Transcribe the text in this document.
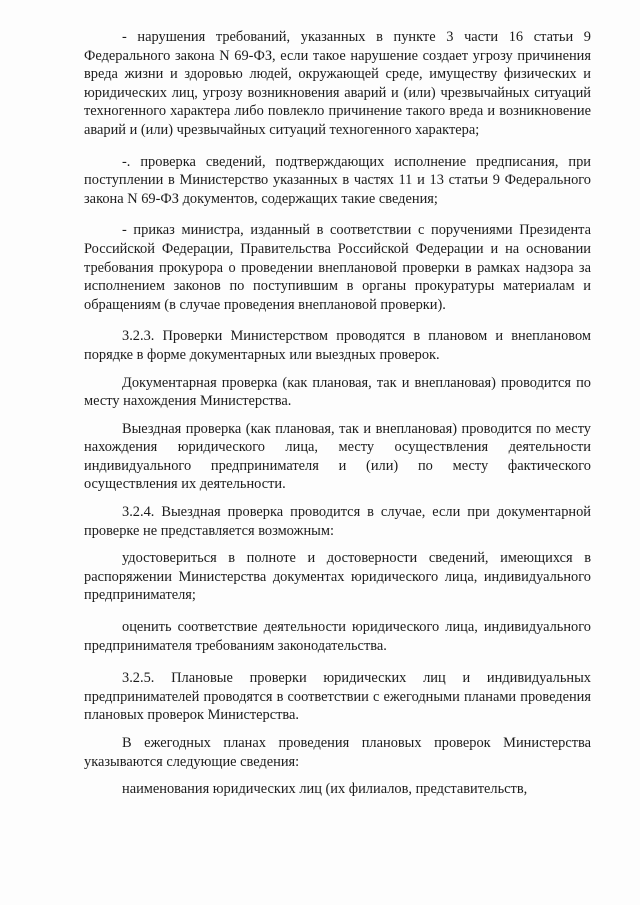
- нарушения требований, указанных в пункте 3 части 16 статьи 9 Федерального закона N 69-ФЗ, если такое нарушение создает угрозу причинения вреда жизни и здоровью людей, окружающей среде, имуществу физических и юридических лиц, угрозу возникновения аварий и (или) чрезвычайных ситуаций техногенного характера либо повлекло причинение такого вреда и возникновение аварий и (или) чрезвычайных ситуаций техногенного характера;

-. проверка сведений, подтверждающих исполнение предписания, при поступлении в Министерство указанных в частях 11 и 13 статьи 9 Федерального закона N 69-ФЗ документов, содержащих такие сведения;

- приказ министра, изданный в соответствии с поручениями Президента Российской Федерации, Правительства Российской Федерации и на основании требования прокурора о проведении внеплановой проверки в рамках надзора за исполнением законов по поступившим в органы прокуратуры материалам и обращениям (в случае проведения внеплановой проверки).

3.2.3. Проверки Министерством проводятся в плановом и внеплановом порядке в форме документарных или выездных проверок.

Документарная проверка (как плановая, так и внеплановая) проводится по месту нахождения Министерства.

Выездная проверка (как плановая, так и внеплановая) проводится по месту нахождения юридического лица, месту осуществления деятельности индивидуального предпринимателя и (или) по месту фактического осуществления их деятельности.

3.2.4. Выездная проверка проводится в случае, если при документарной проверке не представляется возможным:

удостовериться в полноте и достоверности сведений, имеющихся в распоряжении Министерства документах юридического лица, индивидуального предпринимателя;

оценить соответствие деятельности юридического лица, индивидуального предпринимателя требованиям законодательства.

3.2.5. Плановые проверки юридических лиц и индивидуальных предпринимателей проводятся в соответствии с ежегодными планами проведения плановых проверок Министерства.

В ежегодных планах проведения плановых проверок Министерства указываются следующие сведения:

наименования юридических лиц (их филиалов, представительств,
